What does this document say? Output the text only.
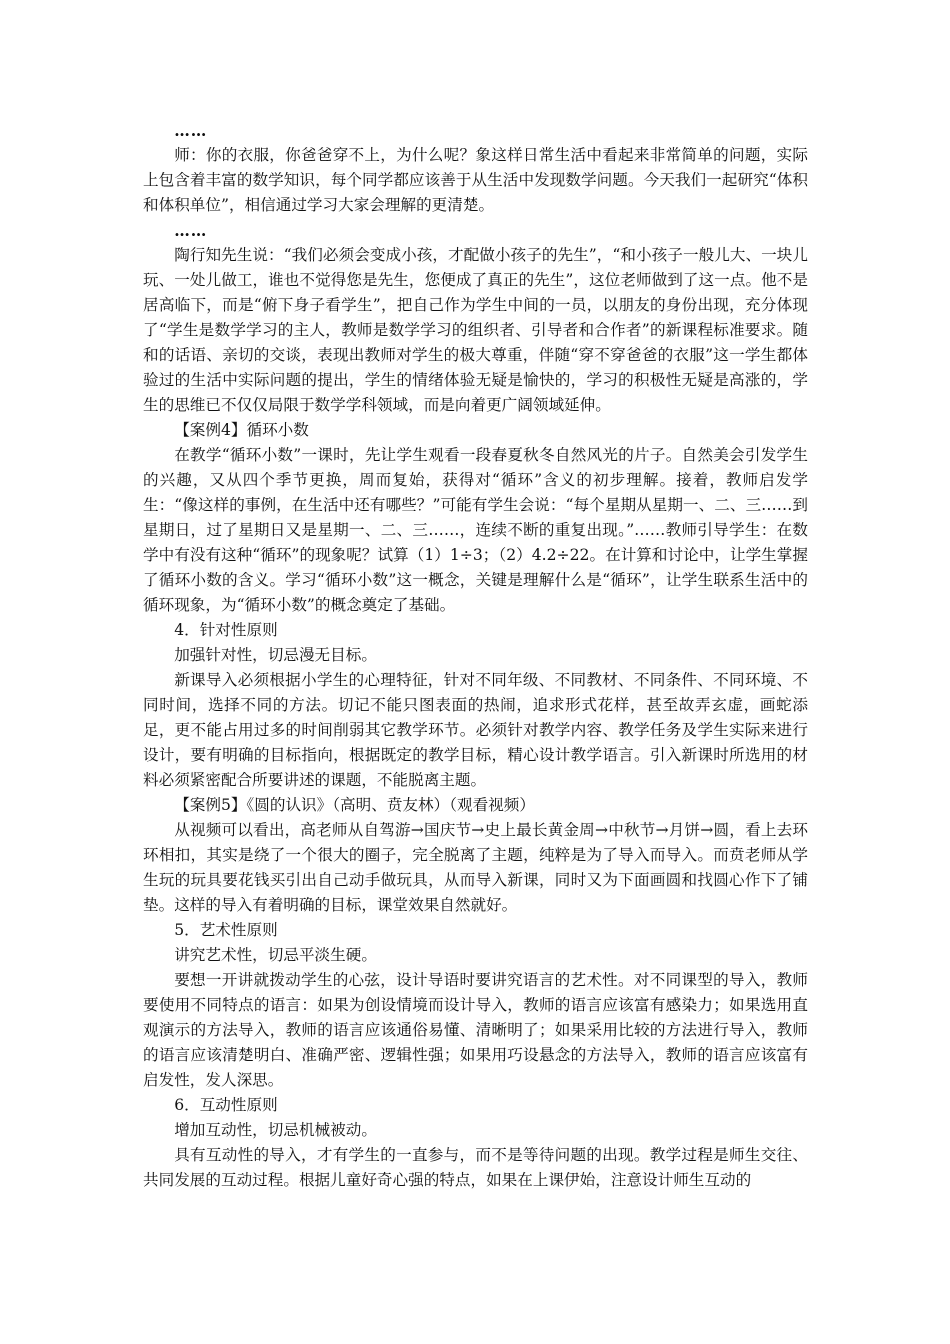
……

师：你的衣服，你爸爸穿不上，为什么呢？象这样日常生活中看起来非常简单的问题，实际上包含着丰富的数学知识，每个同学都应该善于从生活中发现数学问题。今天我们一起研究“体积和体积单位”，相信通过学习大家会理解的更清楚。

……

陶行知先生说：“我们必须会变成小孩，才配做小孩子的先生”，“和小孩子一般儿大、一块儿玩、一处儿做工，谁也不觉得您是先生，您便成了真正的先生”，这位老师做到了这一点。他不是居高临下，而是“俯下身子看学生”，把自己作为学生中间的一员，以朋友的身份出现，充分体现了“学生是数学学习的主人，教师是数学学习的组织者、引导者和合作者”的新课程标准要求。随和的话语、亲切的交谈，表现出教师对学生的极大尊重，伴随“穿不穿爸爸的衣服”这一学生都体验过的生活中实际问题的提出，学生的情绪体验无疑是愉快的，学习的积极性无疑是高涨的，学生的思维已不仅仅局限于数学学科领域，而是向着更广阔领域延伸。

【案例4】循环小数

在教学“循环小数”一课时，先让学生观看一段春夏秋冬自然风光的片子。自然美会引发学生的兴趣，又从四个季节更换，周而复始，获得对“循环”含义的初步理解。接着，教师启发学生：“像这样的事例，在生活中还有哪些？”可能有学生会说：“每个星期从星期一、二、三……到星期日，过了星期日又是星期一、二、三……，连续不断的重复出现。”……教师引导学生：在数学中有没有这种“循环”的现象呢？试算（1）1÷3；（2）4.2÷22。在计算和讨论中，让学生掌握了循环小数的含义。学习“循环小数”这一概念，关键是理解什么是“循环”，让学生联系生活中的循环现象，为“循环小数”的概念奠定了基础。

4．针对性原则

加强针对性，切忌漫无目标。

新课导入必须根据小学生的心理特征，针对不同年级、不同教材、不同条件、不同环境、不同时间，选择不同的方法。切记不能只图表面的热闹，追求形式花样，甚至故弄玄虚，画蛇添足，更不能占用过多的时间削弱其它教学环节。必须针对教学内容、教学任务及学生实际来进行设计，要有明确的目标指向，根据既定的教学目标，精心设计教学语言。引入新课时所选用的材料必须紧密配合所要讲述的课题，不能脱离主题。

【案例5】《圆的认识》（高明、贲友林）（观看视频）

从视频可以看出，高老师从自驾游→国庆节→史上最长黄金周→中秋节→月饼→圆，看上去环环相扣，其实是绕了一个很大的圈子，完全脱离了主题，纯粹是为了导入而导入。而贲老师从学生玩的玩具要花钱买引出自己动手做玩具，从而导入新课，同时又为下面画圆和找圆心作下了铺垫。这样的导入有着明确的目标，课堂效果自然就好。

5．艺术性原则

讲究艺术性，切忌平淡生硬。

要想一开讲就拨动学生的心弦，设计导语时要讲究语言的艺术性。对不同课型的导入，教师要使用不同特点的语言：如果为创设情境而设计导入，教师的语言应该富有感染力；如果选用直观演示的方法导入，教师的语言应该通俗易懂、清晰明了；如果采用比较的方法进行导入，教师的语言应该清楚明白、准确严密、逻辑性强；如果用巧设悬念的方法导入，教师的语言应该富有启发性，发人深思。

6．互动性原则

增加互动性，切忌机械被动。

具有互动性的导入，才有学生的一直参与，而不是等待问题的出现。教学过程是师生交往、共同发展的互动过程。根据儿童好奇心强的特点，如果在上课伊始，注意设计师生互动的
